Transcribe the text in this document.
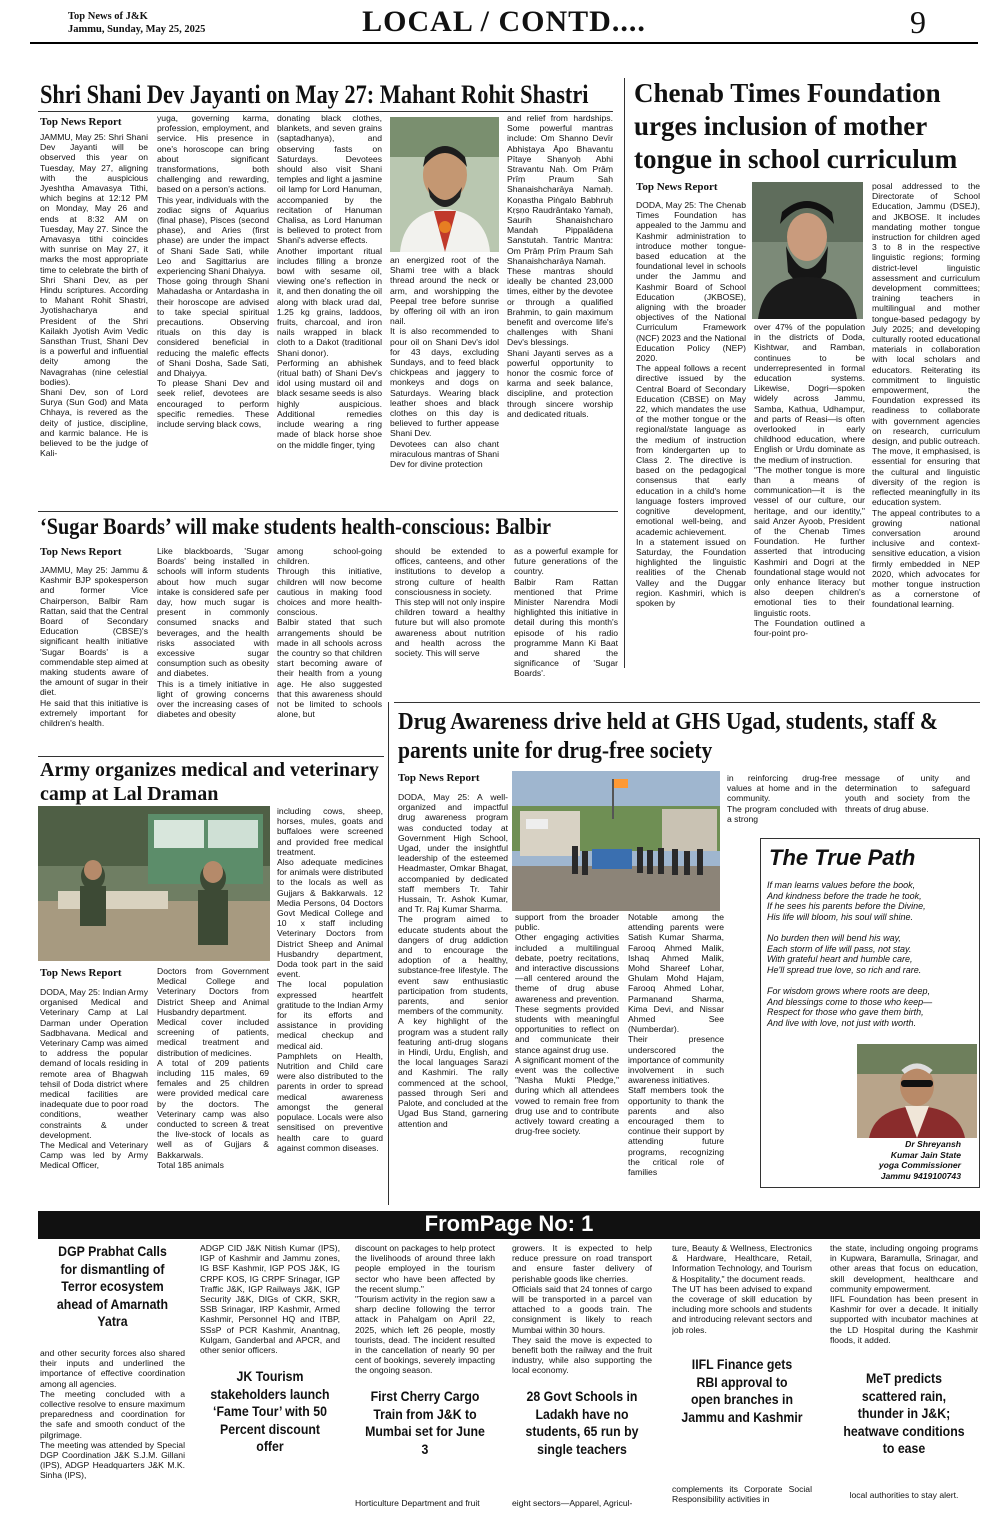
Top News of J&K
Jammu, Sunday, May 25, 2025	LOCAL / CONTD....	9
Shri Shani Dev Jayanti on May 27: Mahant Rohit Shastri
Top News Report
JAMMU, May 25: Shri Shani Dev Jayanti will be observed this year on Tuesday, May 27, aligning with the auspicious Jyeshtha Amavasya Tithi, which begins at 12:12 PM on Monday, May 26 and ends at 8:32 AM on Tuesday, May 27. Since the Amavasya tithi coincides with sunrise on May 27, it marks the most appropriate time to celebrate the birth of Shri Shani Dev, as per Hindu scriptures. According to Mahant Rohit Shastri, Jyotishacharya and President of the Shri Kailakh Jyotish Avim Vedic Sansthan Trust, Shani Dev is a powerful and influential deity among the Navagrahas (nine celestial bodies).
Shani Dev, son of Lord Surya (Sun God) and Mata Chhaya, is revered as the deity of justice, discipline, and karmic balance. He is believed to be the judge of Kali-
yuga, governing karma, profession, employment, and service. His presence in one's horoscope can bring about significant transformations, both challenging and rewarding, based on a person's actions.
This year, individuals with the zodiac signs of Aquarius (final phase), Pisces (second phase), and Aries (first phase) are under the impact of Shani Sade Sati, while Leo and Sagittarius are experiencing Shani Dhaiyya.
Those going through Shani Mahadasha or Antardasha in their horoscope are advised to take special spiritual precautions. Observing rituals on this day is considered beneficial in reducing the malefic effects of Shani Dosha, Sade Sati, and Dhaiyya.
To please Shani Dev and seek relief, devotees are encouraged to perform specific remedies. These include serving black cows,
donating black clothes, blankets, and seven grains (saptadhanya), and observing fasts on Saturdays. Devotees should also visit Shani temples and light a jasmine oil lamp for Lord Hanuman, accompanied by the recitation of Hanuman Chalisa, as Lord Hanuman is believed to protect from Shani's adverse effects.
Another important ritual includes filling a bronze bowl with sesame oil, viewing one's reflection in it, and then donating the oil along with black urad dal, 1.25 kg grains, laddoos, fruits, charcoal, and iron nails wrapped in black cloth to a Dakot (traditional Shani donor).
Performing an abhishek (ritual bath) of Shani Dev's idol using mustard oil and black sesame seeds is also highly auspicious. Additional remedies include wearing a ring made of black horse shoe on the middle finger, tying
an energized root of the Shami tree with a black thread around the neck or arm, and worshipping the Peepal tree before sunrise by offering oil with an iron nail.
It is also recommended to pour oil on Shani Dev's idol for 43 days, excluding Sundays, and to feed black chickpeas and jaggery to monkeys and dogs on Saturdays. Wearing black leather shoes and black clothes on this day is believed to further appease Shani Dev.
Devotees can also chant miraculous mantras of Shani Dev for divine protection
and relief from hardships. Some powerful mantras include: Om Shanno Devīr Abhiṣṭaya Āpo Bhavantu Pītaye Shanyoḥ Abhi Stravantu Naḥ. Om Prāṃ Prīṃ Praum Sah Shanaishcharāya Namaḥ. Koṇastha Piṅgalo Babhruḥ Kṛṣṇo Raudrāntako Yamaḥ, Saurih Shanaishcharo Mandah Pippalādena Sanstutah. Tantric Mantra: Om Prāṃ Prīṃ Praum Sah Shanaishcharāya Namah.
These mantras should ideally be chanted 23,000 times, either by the devotee or through a qualified Brahmin, to gain maximum benefit and overcome life's challenges with Shani Dev's blessings.
Shani Jayanti serves as a powerful opportunity to honor the cosmic force of karma and seek balance, discipline, and protection through sincere worship and dedicated rituals.
Chenab Times Foundation urges inclusion of mother tongue in school curriculum
Top News Report
DODA, May 25: The Chenab Times Foundation has appealed to the Jammu and Kashmir administration to introduce mother tongue-based education at the foundational level in schools under the Jammu and Kashmir Board of School Education (JKBOSE), aligning with the broader objectives of the National Curriculum Framework (NCF) 2023 and the National Education Policy (NEP) 2020.
The appeal follows a recent directive issued by the Central Board of Secondary Education (CBSE) on May 22, which mandates the use of the mother tongue or the regional/state language as the medium of instruction from kindergarten up to Class 2. The directive is based on the pedagogical consensus that early education in a child's home language fosters improved cognitive development, emotional well-being, and academic achievement.
In a statement issued on Saturday, the Foundation highlighted the linguistic realities of the Chenab Valley and the Duggar region. Kashmiri, which is spoken by
over 47% of the population in the districts of Doda, Kishtwar, and Ramban, continues to be underrepresented in formal education systems. Likewise, Dogri—spoken widely across Jammu, Samba, Kathua, Udhampur, and parts of Reasi—is often overlooked in early childhood education, where English or Urdu dominate as the medium of instruction.
"The mother tongue is more than a means of communication—it is the vessel of our culture, our heritage, and our identity," said Anzer Ayoob, President of the Chenab Times Foundation. He further asserted that introducing Kashmiri and Dogri at the foundational stage would not only enhance literacy but also deepen children's emotional ties to their linguistic roots.
The Foundation outlined a four-point pro-
posal addressed to the Directorate of School Education, Jammu (DSEJ), and JKBOSE. It includes mandating mother tongue instruction for children aged 3 to 8 in the respective linguistic regions; forming district-level linguistic assessment and curriculum development committees; training teachers in multilingual and mother tongue-based pedagogy by July 2025; and developing culturally rooted educational materials in collaboration with local scholars and educators. Reiterating its commitment to linguistic empowerment, the Foundation expressed its readiness to collaborate with government agencies on research, curriculum design, and public outreach. The move, it emphasised, is essential for ensuring that the cultural and linguistic diversity of the region is reflected meaningfully in its education system.
The appeal contributes to a growing national conversation around inclusive and context-sensitive education, a vision firmly embedded in NEP 2020, which advocates for mother tongue instruction as a cornerstone of foundational learning.
‘Sugar Boards’ will make students health-conscious: Balbir
Top News Report
JAMMU, May 25: Jammu & Kashmir BJP spokesperson and former Vice Chairperson, Balbir Ram Rattan, said that the Central Board of Secondary Education (CBSE)'s significant health initiative 'Sugar Boards' is a commendable step aimed at making students aware of the amount of sugar in their diet.
He said that this initiative is extremely important for children's health.
Like blackboards, 'Sugar Boards' being installed in schools will inform students about how much sugar intake is considered safe per day, how much sugar is present in commonly consumed snacks and beverages, and the health risks associated with excessive sugar consumption such as obesity and diabetes.
This is a timely initiative in light of growing concerns over the increasing cases of diabetes and obesity
among school-going children.
Through this initiative, children will now become cautious in making food choices and more health-conscious.
Balbir stated that such arrangements should be made in all schools across the country so that children start becoming aware of their health from a young age. He also suggested that this awareness should not be limited to schools alone, but
should be extended to offices, canteens, and other institutions to develop a strong culture of health consciousness in society.
This step will not only inspire children toward a healthy future but will also promote awareness about nutrition and health across the society. This will serve
as a powerful example for future generations of the country.
Balbir Ram Rattan mentioned that Prime Minister Narendra Modi highlighted this initiative in detail during this month's episode of his radio programme Mann Ki Baat and shared the significance of 'Sugar Boards'.
Drug Awareness drive held at GHS Ugad, students, staff & parents unite for drug-free society
Top News Report
DODA, May 25: A well-organized and impactful drug awareness program was conducted today at Government High School, Ugad, under the insightful leadership of the esteemed Headmaster, Omkar Bhagat, accompanied by dedicated staff members Tr. Tahir Hussain, Tr. Ashok Kumar, and Tr. Raj Kumar Sharma.
The program aimed to educate students about the dangers of drug addiction and to encourage the adoption of a healthy, substance-free lifestyle. The event saw enthusiastic participation from students, parents, and senior members of the community.
A key highlight of the program was a student rally featuring anti-drug slogans in Hindi, Urdu, English, and the local languages Sarazi and Kashmiri. The rally commenced at the school, passed through Seri and Palote, and concluded at the Ugad Bus Stand, garnering attention and
support from the broader public.
Other engaging activities included a multilingual debate, poetry recitations, and interactive discussions—all centered around the theme of drug abuse awareness and prevention. These segments provided students with meaningful opportunities to reflect on and communicate their stance against drug use.
A significant moment of the event was the collective "Nasha Mukti Pledge," during which all attendees vowed to remain free from drug use and to contribute actively toward creating a drug-free society.
Notable among the attending parents were Satish Kumar Sharma, Farooq Ahmed Malik, Ishaq Ahmed Malik, Mohd Shareef Lohar, Ghulam Mohd Hajam, Farooq Ahmed Lohar, Parmanand Sharma, Kima Devi, and Nissar Ahmed See (Numberdar).
Their presence underscored the importance of community involvement in such awareness initiatives.
Staff members took the opportunity to thank the parents and also encouraged them to continue their support by attending future programs, recognizing the critical role of families
in reinforcing drug-free values at home and in the community.
The program concluded with a strong
message of unity and determination to safeguard youth and society from the threats of drug abuse.
The True Path
If man learns values before the book,
And kindness before the trade he took,
If he sees his parents before the Divine,
His life will bloom, his soul will shine.
No burden then will bend his way,
Each storm of life will pass, not stay.
With grateful heart and humble care,
He'll spread true love, so rich and rare.
For wisdom grows where roots are deep,
And blessings come to those who keep—
Respect for those who gave them birth,
And live with love, not just with worth.
Dr Shreyansh
Kumar Jain State
yoga Commissioner
Jammu 9419100743
Army organizes medical and veterinary camp at Lal Draman
Top News Report
DODA, May 25: Indian Army organised Medical and Veterinary Camp at Lal Darman under Operation Sadbhavana. Medical and Veterinary Camp was aimed to address the popular demand of locals residing in remote area of Bhagwah tehsil of Doda district where medical facilities are inadequate due to poor road conditions, weather constraints & under development.
The Medical and Veterinary Camp was led by Army Medical Officer,
Doctors from Government Medical College and Veterinary Doctors from District Sheep and Animal Husbandry department.
Medical cover included screening of patients, medical treatment and distribution of medicines.
A total of 209 patients including 115 males, 69 females and 25 children were provided medical care by the doctors. The Veterinary camp was also conducted to screen & treat the live-stock of locals as well as of Gujjars & Bakkarwals.
Total 185 animals
including cows, sheep, horses, mules, goats and buffaloes were screened and provided free medical treatment.
Also adequate medicines for animals were distributed to the locals as well as Gujjars & Bakkarwals. 12 Media Persons, 04 Doctors Govt Medical College and 10 x staff including Veterinary Doctors from District Sheep and Animal Husbandry department, Doda took part in the said event.
The local population expressed heartfelt gratitude to the Indian Army for its efforts and assistance in providing medical checkup and medical aid.
Pamphlets on Health, Nutrition and Child care were also distributed to the parents in order to spread medical awareness amongst the general populace. Locals were also sensitised on preventive health care to guard against common diseases.
FromPage No: 1
DGP Prabhat Calls for dismantling of Terror ecosystem ahead of Amarnath Yatra
and other security forces also shared their inputs and underlined the importance of effective coordination among all agencies.
The meeting concluded with a collective resolve to ensure maximum preparedness and coordination for the safe and smooth conduct of the pilgrimage.
The meeting was attended by Special DGP Coordination J&K S.J.M. Gillani (IPS), ADGP Headquarters J&K M.K. Sinha (IPS),
ADGP CID J&K Nitish Kumar (IPS), IGP of Kashmir and Jammu zones, IG BSF Kashmir, IGP POS J&K, IG CRPF KOS, IG CRPF Srinagar, IGP Traffic J&K, IGP Railways J&K, IGP Security J&K, DIGs of CKR, SKR, SSB Srinagar, IRP Kashmir, Armed Kashmir, Personnel HQ and ITBP, SSsP of PCR Kashmir, Anantnag, Kulgam, Ganderbal and APCR, and other senior officers.
JK Tourism stakeholders launch ‘Fame Tour’ with 50 Percent discount offer
discount on packages to help protect the livelihoods of around three lakh people employed in the tourism sector who have been affected by the recent slump."
"Tourism activity in the region saw a sharp decline following the terror attack in Pahalgam on April 22, 2025, which left 26 people, mostly tourists, dead. The incident resulted in the cancellation of nearly 90 per cent of bookings, severely impacting the ongoing season.
First Cherry Cargo Train from J&K to Mumbai set for June 3
Horticulture Department and fruit
growers. It is expected to help reduce pressure on road transport and ensure faster delivery of perishable goods like cherries.
Officials said that 24 tonnes of cargo will be transported in a parcel van attached to a goods train. The consignment is likely to reach Mumbai within 30 hours.
They said the move is expected to benefit both the railway and the fruit industry, while also supporting the local economy.
28 Govt Schools in Ladakh have no students, 65 run by single teachers
eight sectors—Apparel, Agricul-
ture, Beauty & Wellness, Electronics & Hardware, Healthcare, Retail, Information Technology, and Tourism & Hospitality," the document reads.
The UT has been advised to expand the coverage of skill education by including more schools and students and introducing relevant sectors and job roles.
IIFL Finance gets RBI approval to open branches in Jammu and Kashmir
complements its Corporate Social Responsibility activities in
the state, including ongoing programs in Kupwara, Baramulla, Srinagar, and other areas that focus on education, skill development, healthcare and community empowerment.
IIFL Foundation has been present in Kashmir for over a decade. It initially supported with incubator machines at the LD Hospital during the Kashmir floods, it added.
MeT predicts scattered rain, thunder in J&K; heatwave conditions to ease
local authorities to stay alert.
